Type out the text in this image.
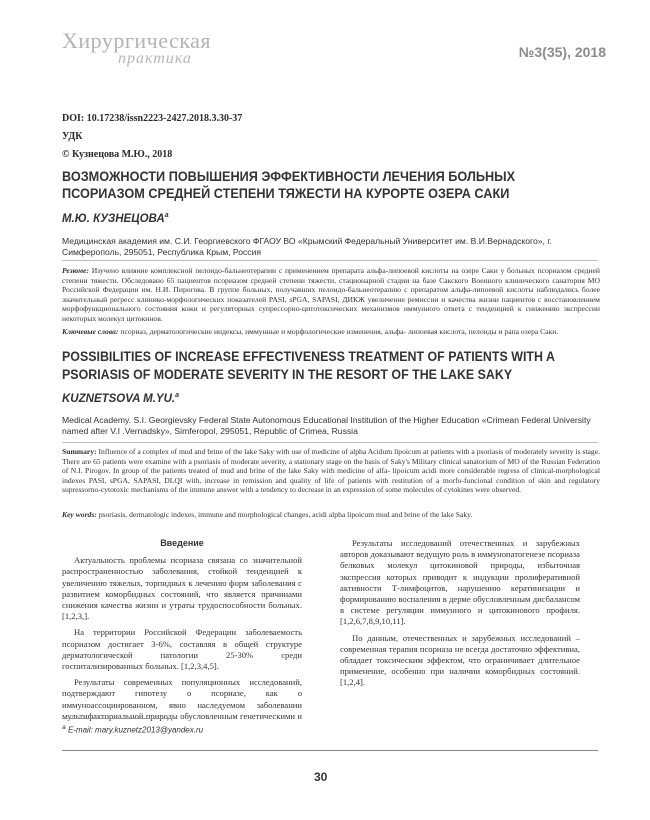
Хирургическая
практика	№3(35), 2018
DOI: 10.17238/issn2223-2427.2018.3.30-37
УДК
© Кузнецова М.Ю., 2018
ВОЗМОЖНОСТИ ПОВЫШЕНИЯ ЭФФЕКТИВНОСТИ ЛЕЧЕНИЯ БОЛЬНЫХ ПСОРИАЗОМ СРЕДНЕЙ СТЕПЕНИ ТЯЖЕСТИ НА КУРОРТЕ ОЗЕРА САКИ
М.Ю. КУЗНЕЦОВА$^a$
Медицинская академия им. С.И. Георгиевского ФГАОУ ВО «Крымский Федеральный Университет им. В.И.Вернадского», г. Симферополь, 295051, Республика Крым, Россия
Резюме: Изучено влияние комплексной пелоидо-бальнеотерапии с применением препарата альфа-липоевой кислоты на озере Саки у больных псориазом средней степени тяжести. Обследовано 65 пациентов псориазом средней степени тяжести, стационарной стадии на базе Сакского Военного клинического санатория МО Российской Федерации им. Н.И. Пирогова. В группе больных, получавших пелоидо-бальнеотерапию с препаратом альфа-липоевой кислоты наблюдались более значительный регресс клинико-морфологических показателей PASI, sPGA, SAPASI, ДИКЖ увеличение ремиссии и качества жизни пациентов с восстановлением морфофункционального состояния кожи и регуляторных супрессорно-цитотоксических механизмов иммунного ответа с тенденцией к снижению экспрессии некоторых молекул цитокинов.
Ключевые слова: псориаз, дерматологические индексы, иммунные и морфологические изменения, альфа- липоевая кислота, пелоиды и рапа озера Саки.
POSSIBILITIES OF INCREASE EFFECTIVENESS TREATMENT OF PATIENTS WITH A PSORIASIS OF MODERATE SEVERITY IN THE RESORT OF THE LAKE SAKY
KUZNETSOVA M.YU.$^a$
Medical Academy. S.I. Georgievsky Federal State Autonomous Educational Institution of the Higher Education «Crimean Federal University named after V.I .Vernadsky», Simferopol, 295051, Republic of Crimea, Russia
Summary: Influence of a complex of mud and brine of the lake Saky with use of medicine of alpha Acidum lipoicum at patients with a psoriasis of moderately severity is stage. There are 65 patients were examine with a psoriasis of moderate severity, a stationary stage on the basis of Saky's Military clinical sanatorium of MO of the Russian Federation of N.I. Pirogov. In group of the patients treated of mud and brine of the lake Saky with medicine of alfa- lipoicum acidi more considerable regress of clinical-morphological indexes PASI, sPGA, SAPASI, DLQI with, increase in remission and quality of life of patients with restitution of a morfo-funcional condition of skin and regulatory supressorno-cytotoxic mechanisms of the immune answer with a tendency to decrease in an expression of some molecules of cytokines were observed.
Key words: psoriasis, dermatologic indexes, immune and morphological changes, acidi alpha lipoicum mud and brine of the lake Saky.
Введение

Актуальность проблемы псориаза связана со значительной распространенностью заболевания, стойкой тенденцией к увеличению тяжелых, торпидных к лечению форм заболевания с развитием коморбидных состояний, что является причинами снижения качества жизни и утраты трудоспособности больных. [1,2,3,].

На территории Российской Федерации заболеваемость псориазом достигает 3-6%, составляя в общей структуре дерматологической патологии 25-30% среди госпитализированных больных. [1,2,3,4,5].

Результаты современных популяционных исследований, подтверждают гипотезу о псориазе, как о иммуноассоциированном, явно наследуемом заболевании мультифакториальной природы обусловленным генетическими и

Результаты исследований отечественных и зарубежных авторов доказывают ведущую роль в иммунопатогенезе псориаза белковых молекул цитокиновой природы, избыточная экспрессия которых приводит к индукции пролиферативной активности Т-лимфоцитов, нарушению кератинизации и формированию воспаления в дерме обусловленным дисбалансом в системе регуляции иммунного и цитокинового профиля. [1,2,6,7,8,9,10,11].

По данным, отечественных и зарубежных исследований – современная терапия псориаза не всегда достаточно эффективна, обладает токсическим эффектом, что ограничивает длительное применение, особенно при наличии коморбидных состояний. [1,2,4].

$^a$ E-mail: mary.kuznetz2013@yandex.ru
30
